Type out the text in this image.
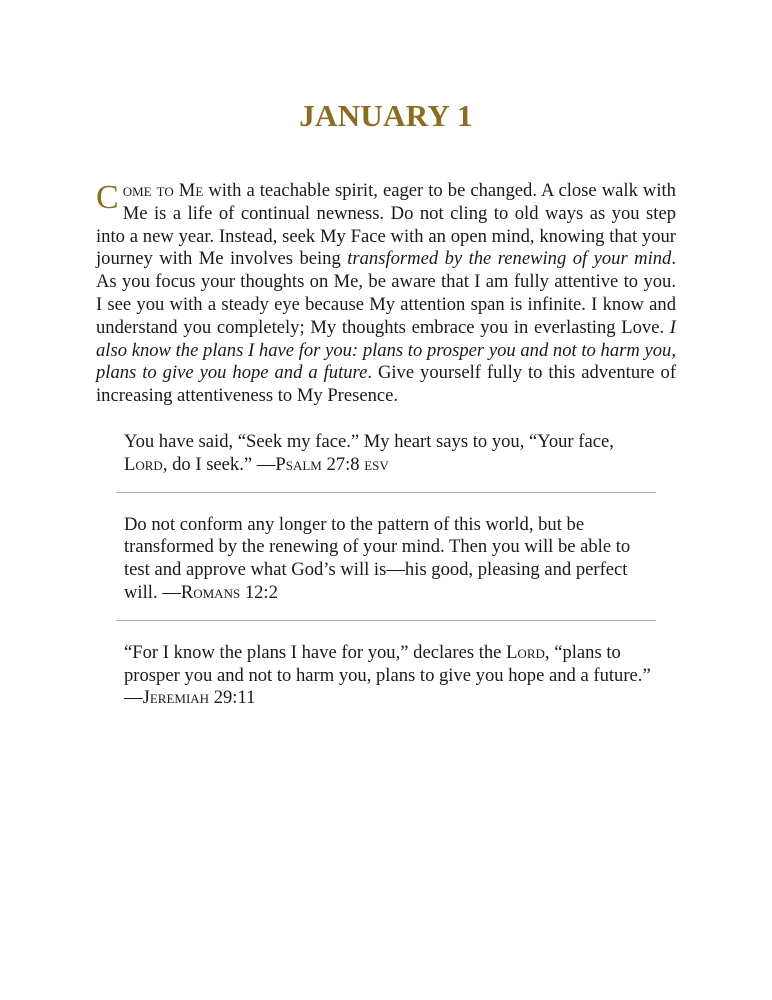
JANUARY 1

Come to Me with a teachable spirit, eager to be changed. A close walk with Me is a life of continual newness. Do not cling to old ways as you step into a new year. Instead, seek My Face with an open mind, knowing that your journey with Me involves being transformed by the renewing of your mind. As you focus your thoughts on Me, be aware that I am fully attentive to you. I see you with a steady eye because My attention span is infinite. I know and understand you completely; My thoughts embrace you in everlasting Love. I also know the plans I have for you: plans to prosper you and not to harm you, plans to give you hope and a future. Give yourself fully to this adventure of increasing attentiveness to My Presence.

You have said, “Seek my face.” My heart says to you, “Your face, Lord, do I seek.” —Psalm 27:8 esv

Do not conform any longer to the pattern of this world, but be transformed by the renewing of your mind. Then you will be able to test and approve what God’s will is—his good, pleasing and perfect will. —Romans 12:2

“For I know the plans I have for you,” declares the Lord, “plans to prosper you and not to harm you, plans to give you hope and a future.” —Jeremiah 29:11
